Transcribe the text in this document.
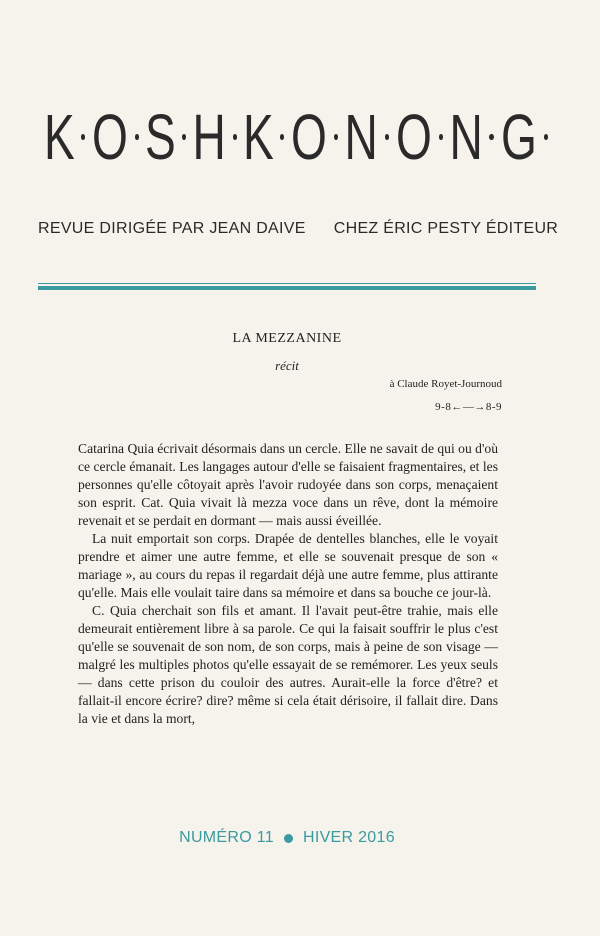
K O S H K O N O N G
REVUE DIRIGÉE PAR JEAN DAIVE CHEZ ÉRIC PESTY ÉDITEUR
LA MEZZANINE
récit
à Claude Royet-Journoud
9-8←—→8-9

Catarina Quia écrivait désormais dans un cercle. Elle ne savait de qui ou d'où ce cercle émanait. Les langages autour d'elle se faisaient fragmentaires, et les personnes qu'elle côtoyait après l'avoir rudoyée dans son corps, menaçaient son esprit. Cat. Quia vivait là mezza voce dans un rêve, dont la mémoire revenait et se perdait en dormant — mais aussi éveillée.

La nuit emportait son corps. Drapée de dentelles blanches, elle le voyait prendre et aimer une autre femme, et elle se souvenait presque de son « mariage », au cours du repas il regardait déjà une autre femme, plus attirante qu'elle. Mais elle voulait taire dans sa mémoire et dans sa bouche ce jour-là.

C. Quia cherchait son fils et amant. Il l'avait peut-être trahie, mais elle demeurait entièrement libre à sa parole. Ce qui la faisait souffrir le plus c'est qu'elle se souvenait de son nom, de son corps, mais à peine de son visage — malgré les multiples photos qu'elle essayait de se remémorer. Les yeux seuls — dans cette prison du couloir des autres. Aurait-elle la force d'être? et fallait-il encore écrire? dire? même si cela était dérisoire, il fallait dire. Dans la vie et dans la mort,

NUMÉRO 11 HIVER 2016
